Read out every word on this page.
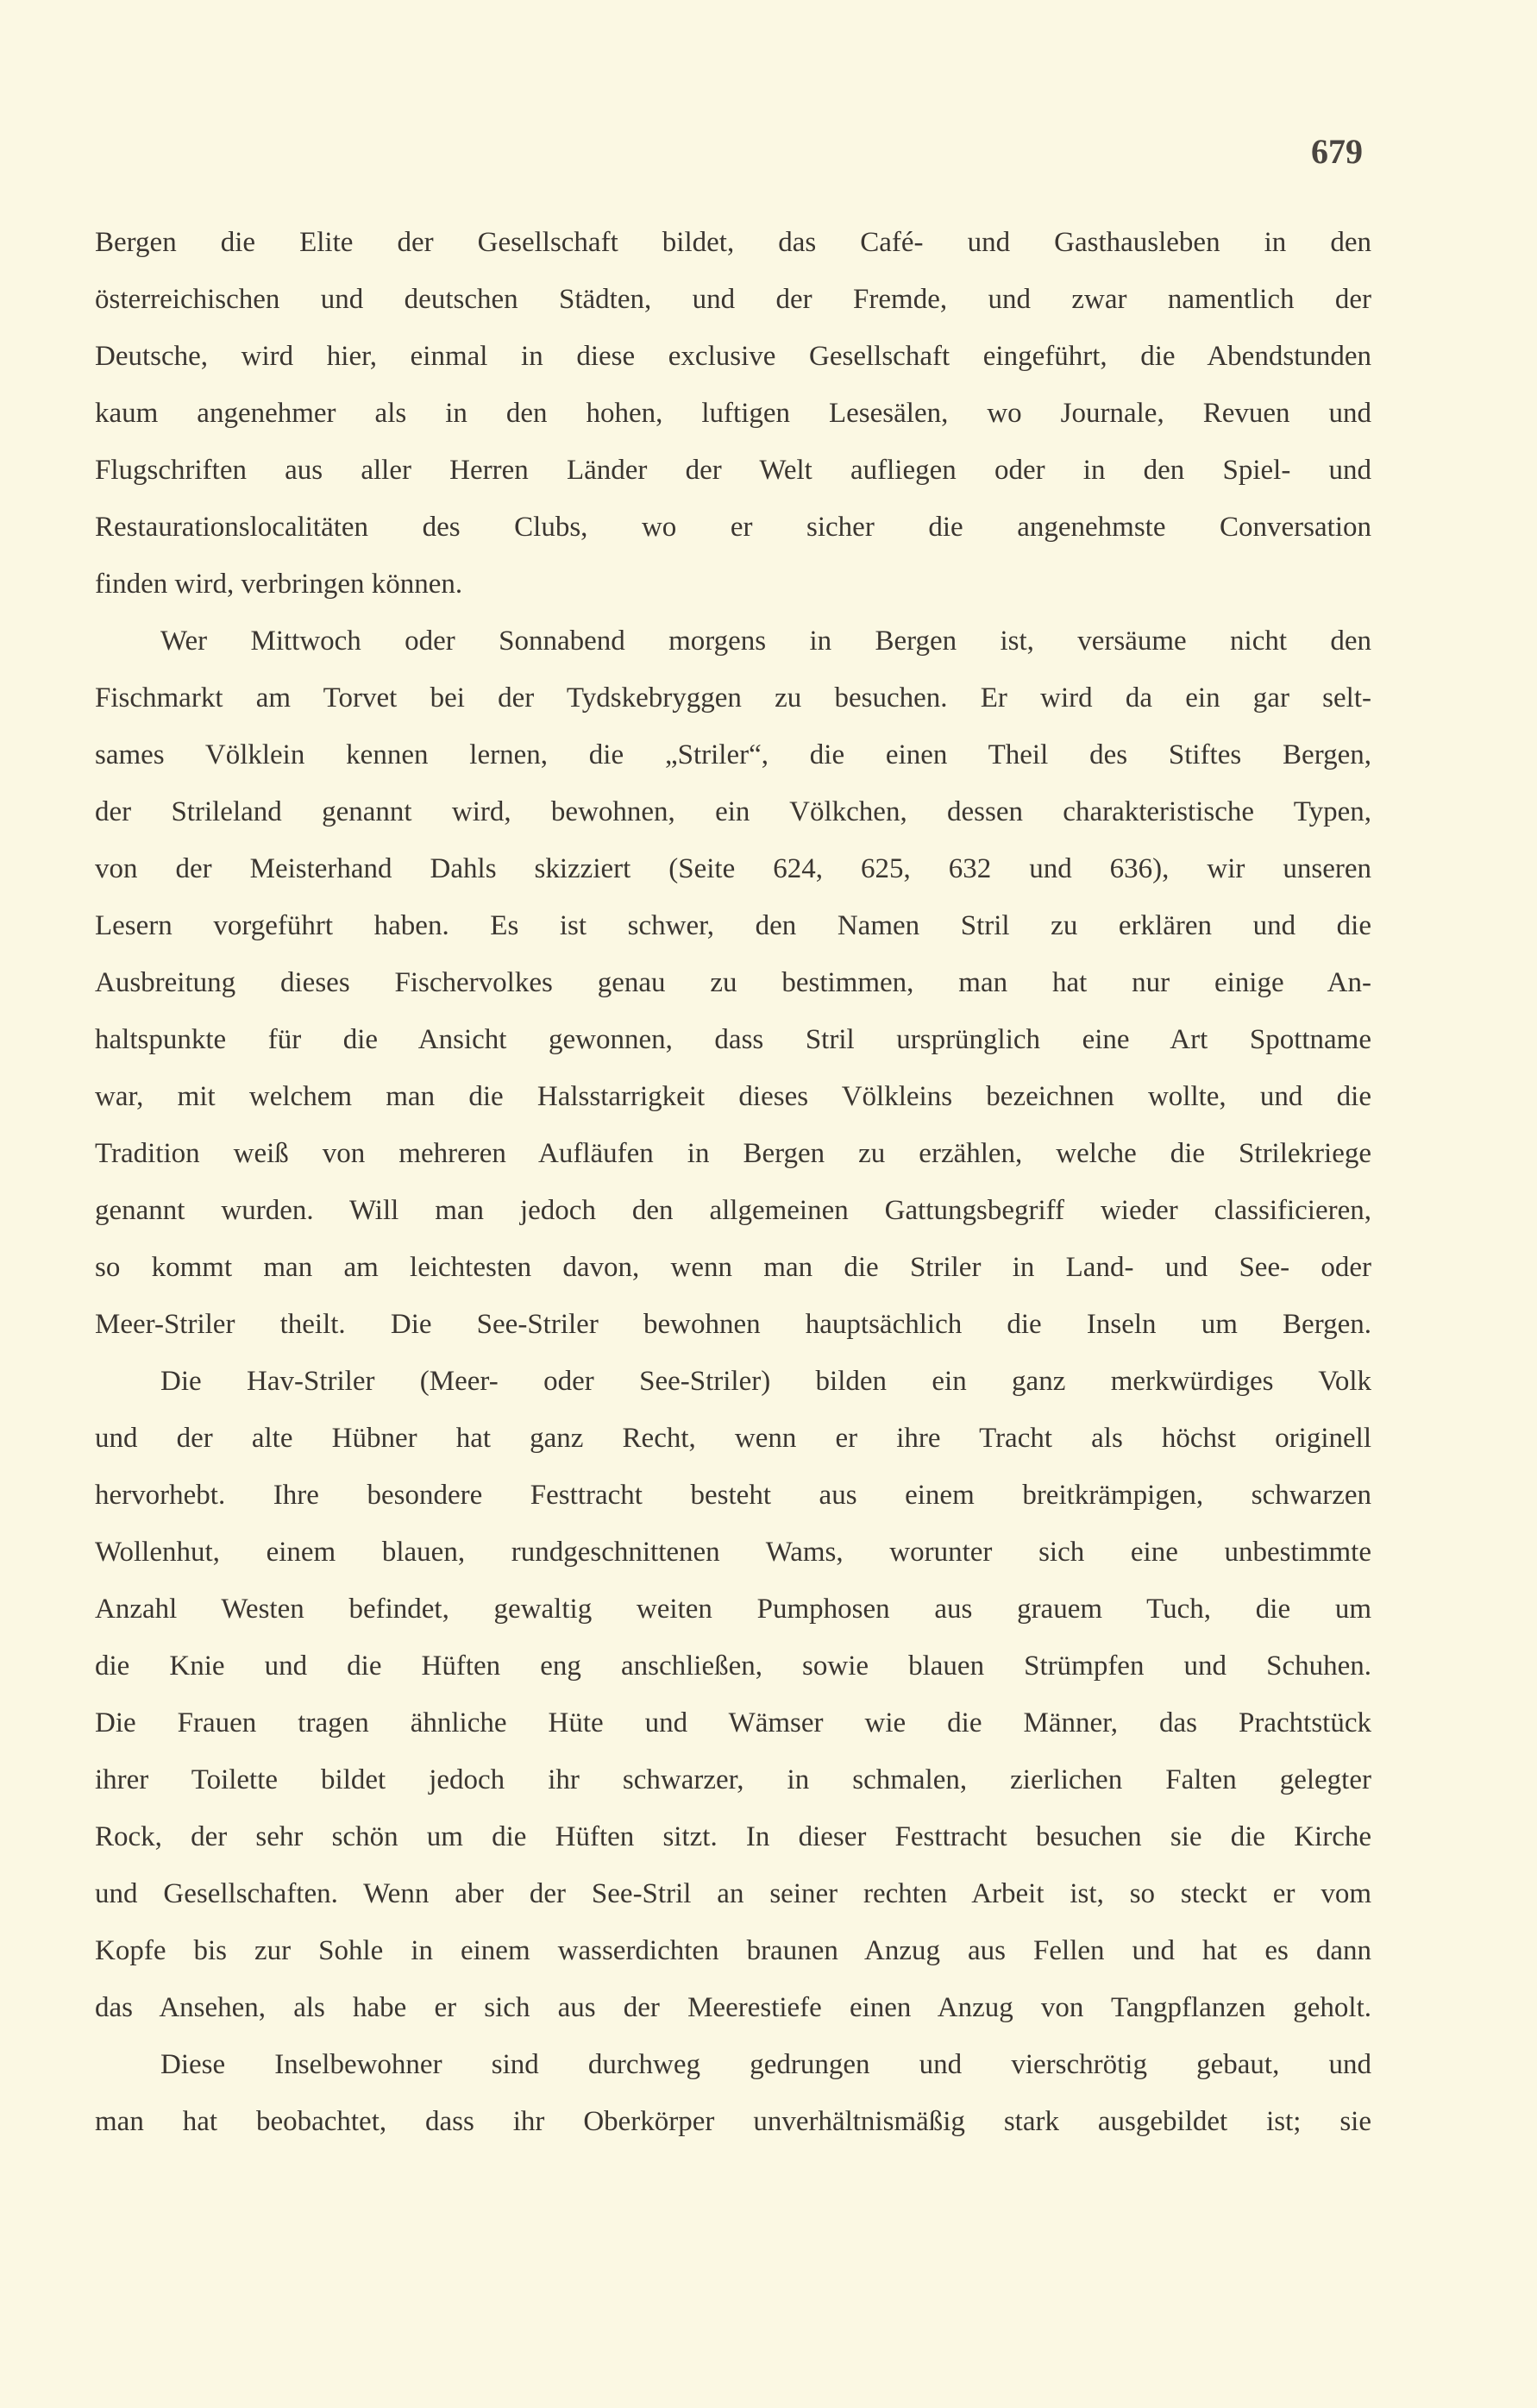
679
Bergen die Elite der Gesellschaft bildet, das Café- und Gasthausleben in den
österreichischen und deutschen Städten, und der Fremde, und zwar namentlich der
Deutsche, wird hier, einmal in diese exclusive Gesellschaft eingeführt, die Abendstunden
kaum angenehmer als in den hohen, luftigen Lesesälen, wo Journale, Revuen und
Flugschriften aus aller Herren Länder der Welt aufliegen oder in den Spiel- und
Restaurationslocalitäten des Clubs, wo er sicher die angenehmste Conversation
finden wird, verbringen können.
Wer Mittwoch oder Sonnabend morgens in Bergen ist, versäume nicht den
Fischmarkt am Torvet bei der Tydskebryggen zu besuchen. Er wird da ein gar selt-
sames Völklein kennen lernen, die „Striler“, die einen Theil des Stiftes Bergen,
der Strileland genannt wird, bewohnen, ein Völkchen, dessen charakteristische Typen,
von der Meisterhand Dahls skizziert (Seite 624, 625, 632 und 636), wir unseren
Lesern vorgeführt haben. Es ist schwer, den Namen Stril zu erklären und die
Ausbreitung dieses Fischervolkes genau zu bestimmen, man hat nur einige An-
haltspunkte für die Ansicht gewonnen, dass Stril ursprünglich eine Art Spottname
war, mit welchem man die Halsstarrigkeit dieses Völkleins bezeichnen wollte, und die
Tradition weiß von mehreren Aufläufen in Bergen zu erzählen, welche die Strilekriege
genannt wurden. Will man jedoch den allgemeinen Gattungsbegriff wieder classificieren,
so kommt man am leichtesten davon, wenn man die Striler in Land- und See- oder
Meer-Striler theilt. Die See-Striler bewohnen hauptsächlich die Inseln um Bergen.
Die Hav-Striler (Meer- oder See-Striler) bilden ein ganz merkwürdiges Volk
und der alte Hübner hat ganz Recht, wenn er ihre Tracht als höchst originell
hervorhebt. Ihre besondere Festtracht besteht aus einem breitkrämpigen, schwarzen
Wollenhut, einem blauen, rundgeschnittenen Wams, worunter sich eine unbestimmte
Anzahl Westen befindet, gewaltig weiten Pumphosen aus grauem Tuch, die um
die Knie und die Hüften eng anschließen, sowie blauen Strümpfen und Schuhen.
Die Frauen tragen ähnliche Hüte und Wämser wie die Männer, das Prachtstück
ihrer Toilette bildet jedoch ihr schwarzer, in schmalen, zierlichen Falten gelegter
Rock, der sehr schön um die Hüften sitzt. In dieser Festtracht besuchen sie die Kirche
und Gesellschaften. Wenn aber der See-Stril an seiner rechten Arbeit ist, so steckt er vom
Kopfe bis zur Sohle in einem wasserdichten braunen Anzug aus Fellen und hat es dann
das Ansehen, als habe er sich aus der Meerestiefe einen Anzug von Tangpflanzen geholt.
Diese Inselbewohner sind durchweg gedrungen und vierschrötig gebaut, und
man hat beobachtet, dass ihr Oberkörper unverhältnismäßig stark ausgebildet ist; sie
